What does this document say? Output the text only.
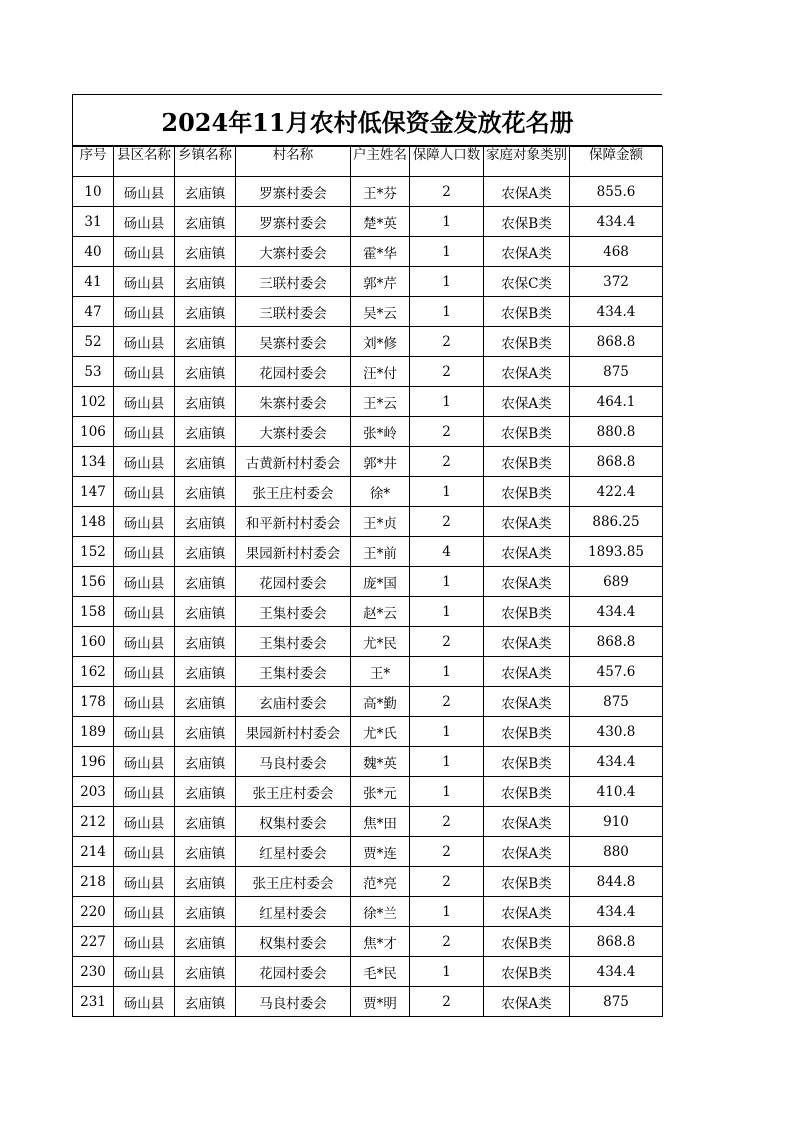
2024年11月农村低保资金发放花名册
序号	县区名称	乡镇名称	村名称	户主姓名	保障人口数	家庭对象类别	保障金额

10	砀山县	玄庙镇	罗寨村委会	王*芬	2	农保A类	855.6
31	砀山县	玄庙镇	罗寨村委会	楚*英	1	农保B类	434.4
40	砀山县	玄庙镇	大寨村委会	霍*华	1	农保A类	468
41	砀山县	玄庙镇	三联村委会	郭*芹	1	农保C类	372
47	砀山县	玄庙镇	三联村委会	吴*云	1	农保B类	434.4
52	砀山县	玄庙镇	吴寨村委会	刘*修	2	农保B类	868.8
53	砀山县	玄庙镇	花园村委会	汪*付	2	农保A类	875
102	砀山县	玄庙镇	朱寨村委会	王*云	1	农保A类	464.1
106	砀山县	玄庙镇	大寨村委会	张*岭	2	农保B类	880.8
134	砀山县	玄庙镇	古黄新村村委会	郭*井	2	农保B类	868.8
147	砀山县	玄庙镇	张王庄村委会	徐*	1	农保B类	422.4
148	砀山县	玄庙镇	和平新村村委会	王*贞	2	农保A类	886.25
152	砀山县	玄庙镇	果园新村村委会	王*前	4	农保A类	1893.85
156	砀山县	玄庙镇	花园村委会	庞*国	1	农保A类	689
158	砀山县	玄庙镇	王集村委会	赵*云	1	农保B类	434.4
160	砀山县	玄庙镇	王集村委会	尤*民	2	农保A类	868.8
162	砀山县	玄庙镇	王集村委会	王*	1	农保A类	457.6
178	砀山县	玄庙镇	玄庙村委会	高*勤	2	农保A类	875
189	砀山县	玄庙镇	果园新村村委会	尤*氏	1	农保B类	430.8
196	砀山县	玄庙镇	马良村委会	魏*英	1	农保B类	434.4
203	砀山县	玄庙镇	张王庄村委会	张*元	1	农保B类	410.4
212	砀山县	玄庙镇	权集村委会	焦*田	2	农保A类	910
214	砀山县	玄庙镇	红星村委会	贾*连	2	农保A类	880
218	砀山县	玄庙镇	张王庄村委会	范*亮	2	农保B类	844.8
220	砀山县	玄庙镇	红星村委会	徐*兰	1	农保A类	434.4
227	砀山县	玄庙镇	权集村委会	焦*才	2	农保B类	868.8
230	砀山县	玄庙镇	花园村委会	毛*民	1	农保B类	434.4
231	砀山县	玄庙镇	马良村委会	贾*明	2	农保A类	875
